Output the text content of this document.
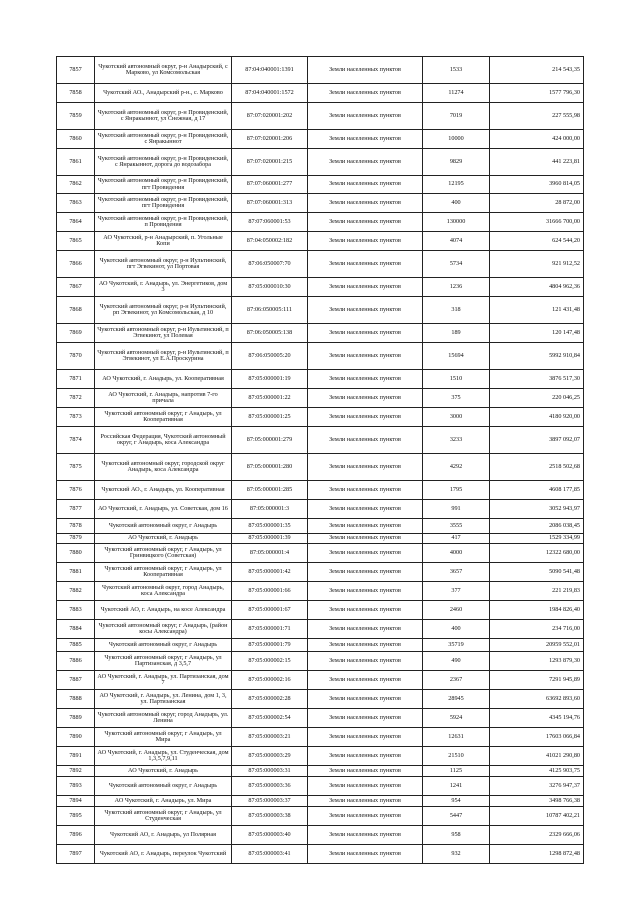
7857	Чукотский автономный округ, р-н Анадырский, с Марково, ул Комсомольская	87:04:040001:1391	Земли населенных пунктов	1533	214 543,35
7858	Чукотский АО., Анадырский р-н., с. Марково	87:04:040001:1572	Земли населенных пунктов	11274	1577 796,30
7859	Чукотский автономный округ, р-н Провиденский, с Янракыннот, ул Снежная, д 17	87:07:020001:202	Земли населенных пунктов	7019	227 555,98
7860	Чукотский автономный округ, р-н Провиденский, с Янракыннот	87:07:020001:206	Земли населенных пунктов	10000	424 000,00
7861	Чукотский автономный округ, р-н Провиденский, с Янракыннот, дорога до водозабора	87:07:020001:215	Земли населенных пунктов	9829	441 223,81
7862	Чукотский автономный округ, р-н Провиденский, пгт Провидения	87:07:060001:277	Земли населенных пунктов	12195	3960 814,05
7863	Чукотский автономный округ, р-н Провиденский, пгт Провидения	87:07:060001:313	Земли населенных пунктов	400	28 872,00
7864	Чукотский автономный округ, р-н Провиденский, п Провидения	87:07:060001:53	Земли населенных пунктов	130000	31666 700,00
7865	АО Чукотский, р-н Анадырский, п. Угольные Копи	87:04:050002:182	Земли населенных пунктов	4074	624 544,20
7866	Чукотский автономный округ, р-н Иультинский, пгт Эгвекинот, ул Портовая	87:06:050007:70	Земли населенных пунктов	5734	921 912,52
7867	АО Чукотский, г. Анадырь, ул. Энергетиков, дом 3	87:05:000010:30	Земли населенных пунктов	1236	4804 962,36
7868	Чукотский автономный округ, р-н Иультинский, рп Эгвекинот, ул Комсомольская, д 10	87:06:050005:111	Земли населенных пунктов	318	121 431,48
7869	Чукотский автономный округ, р-н Иультинский, п Эгвекинот, ул Полевая	87:06:050005:138	Земли населенных пунктов	189	120 147,48
7870	Чукотский автономный округ, р-н Иультинский, п Эгвекинот, ул Е.А.Проскурина	87:06:050005:20	Земли населенных пунктов	15694	5992 910,84
7871	АО Чукотский, г. Анадырь, ул. Кооперативная	87:05:000001:19	Земли населенных пунктов	1510	3876 517,30
7872	АО Чукотский, г. Анадырь, напротив 7-го причала	87:05:000001:22	Земли населенных пунктов	375	220 046,25
7873	Чукотский автономный округ, г Анадырь, ул Кооперативная	87:05:000001:25	Земли населенных пунктов	3000	4180 920,00
7874	Российская Федерация, Чукотский автономный округ, г Анадырь, коса Александра	87:05:000001:279	Земли населенных пунктов	3233	3897 092,07
7875	Чукотский автономный округ, городской округ Анадырь, коса Александра	87:05:000001:280	Земли населенных пунктов	4292	2518 502,68
7876	Чукотский АО., г. Анадырь, ул. Кооперативная	87:05:000001:285	Земли населенных пунктов	1795	4608 177,85
7877	АО Чукотский, г. Анадырь, ул. Советская, дом 16	87:05:000001:3	Земли населенных пунктов	991	3052 943,97
7878	Чукотский автономный округ, г Анадырь	87:05:000001:35	Земли населенных пунктов	3555	2086 038,45
7879	АО Чукотский, г. Анадырь	87:05:000001:39	Земли населенных пунктов	417	1529 334,99
7880	Чукотский автономный округ, г Анадырь, ул Гринвицкого (Советская)	87:05:000001:4	Земли населенных пунктов	4000	12322 680,00
7881	Чукотский автономный округ, г Анадырь, ул Кооперативная	87:05:000001:42	Земли населенных пунктов	3657	5090 541,48
7882	Чукотский автономный округ, город Анадырь, коса Александра	87:05:000001:66	Земли населенных пунктов	377	221 219,83
7883	Чукотский АО, г. Анадырь, на косе Александра	87:05:000001:67	Земли населенных пунктов	2460	1984 826,40
7884	Чукотский автономный округ, г Анадырь, (район косы Александра)	87:05:000001:71	Земли населенных пунктов	400	234 716,00
7885	Чукотский автономный округ, г Анадырь	87:05:000001:79	Земли населенных пунктов	35719	20959 552,01
7886	Чукотский автономный округ, г Анадырь, ул Партизанская, д 3,5,7	87:05:000002:15	Земли населенных пунктов	490	1293 879,30
7887	АО Чукотский, г. Анадырь, ул. Партизанская, дом 7	87:05:000002:16	Земли населенных пунктов	2367	7291 945,89
7888	АО Чукотский, г. Анадырь, ул. Ленина, дом 1, 3, ул. Партизанская	87:05:000002:28	Земли населенных пунктов	28945	63692 893,60
7889	Чукотский автономный округ, город Анадырь, ул. Ленина	87:05:000002:54	Земли населенных пунктов	5924	4345 194,76
7890	Чукотский автономный округ, г Анадырь, ул Мира	87:05:000003:21	Земли населенных пунктов	12631	17603 066,84
7891	АО Чукотский, г. Анадырь, ул. Студенческая, дом 1,3,5,7,9,11	87:05:000003:29	Земли населенных пунктов	21510	41021 290,80
7892	АО Чукотский, г. Анадырь	87:05:000003:31	Земли населенных пунктов	1125	4125 903,75
7893	Чукотский автономный округ, г Анадырь	87:05:000003:36	Земли населенных пунктов	1241	3276 947,37
7894	АО Чукотский, г. Анадырь, ул. Мира	87:05:000003:37	Земли населенных пунктов	954	3498 766,38
7895	Чукотский автономный округ, г Анадырь, ул Студенческая	87:05:000003:38	Земли населенных пунктов	5447	10787 402,21
7896	Чукотский АО, г. Анадырь, ул Полярная	87:05:000003:40	Земли населенных пунктов	958	2329 666,06
7897	Чукотский АО, г. Анадырь, переулок Чукотский	87:05:000003:41	Земли населенных пунктов	932	1298 872,48
